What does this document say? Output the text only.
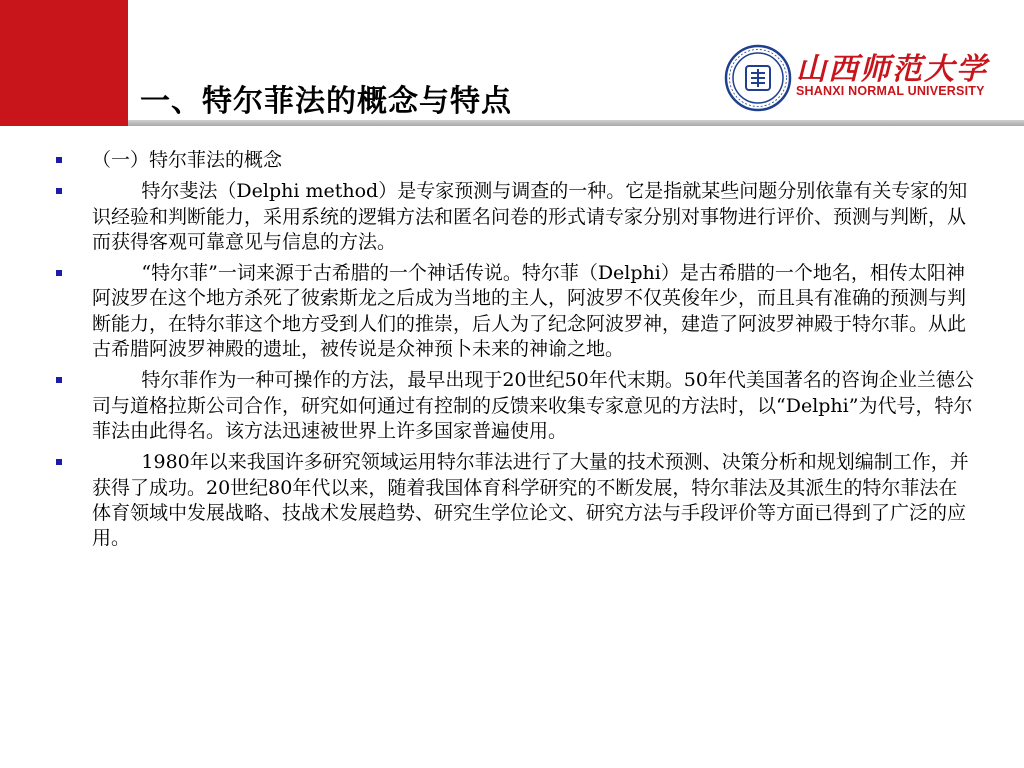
一、特尔菲法的概念与特点
山西师范大学
SHANXI NORMAL UNIVERSITY
（一）特尔菲法的概念
特尔斐法（Delphi method）是专家预测与调查的一种。它是指就某些问题分别依靠有关专家的知识经验和判断能力，采用系统的逻辑方法和匿名问卷的形式请专家分别对事物进行评价、预测与判断，从而获得客观可靠意见与信息的方法。
“特尔菲”一词来源于古希腊的一个神话传说。特尔菲（Delphi）是古希腊的一个地名，相传太阳神阿波罗在这个地方杀死了彼索斯龙之后成为当地的主人，阿波罗不仅英俊年少，而且具有准确的预测与判断能力，在特尔菲这个地方受到人们的推崇，后人为了纪念阿波罗神，建造了阿波罗神殿于特尔菲。从此古希腊阿波罗神殿的遗址，被传说是众神预卜未来的神谕之地。
特尔菲作为一种可操作的方法，最早出现于20世纪50年代末期。50年代美国著名的咨询企业兰德公司与道格拉斯公司合作，研究如何通过有控制的反馈来收集专家意见的方法时，以“Delphi”为代号，特尔菲法由此得名。该方法迅速被世界上许多国家普遍使用。
1980年以来我国许多研究领域运用特尔菲法进行了大量的技术预测、决策分析和规划编制工作，并获得了成功。20世纪80年代以来，随着我国体育科学研究的不断发展，特尔菲法及其派生的特尔菲法在体育领域中发展战略、技战术发展趋势、研究生学位论文、研究方法与手段评价等方面已得到了广泛的应用。
